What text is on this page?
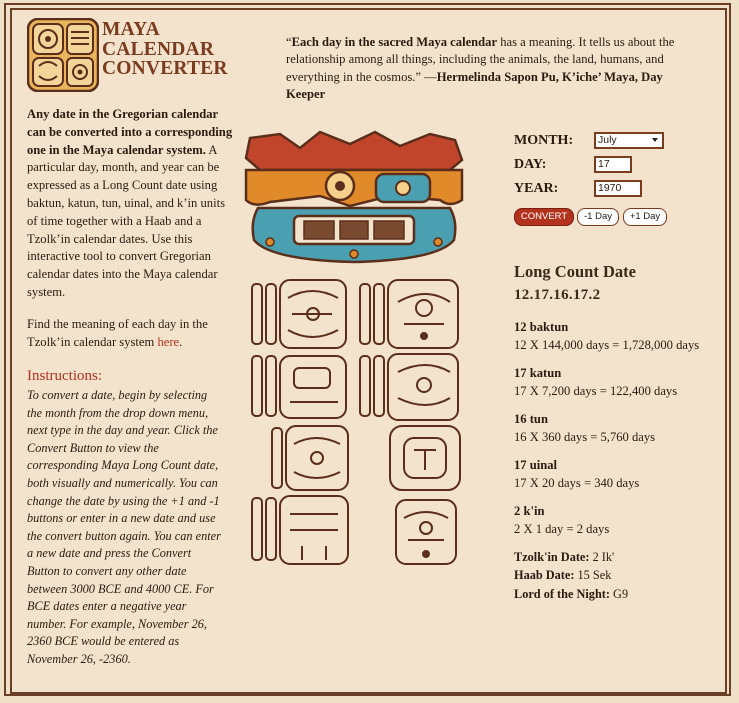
MAYA
CALENDAR
CONVERTER
“Each day in the sacred Maya calendar has a meaning. It tells us about the relationship among all things, including the animals, the land, humans, and everything in the cosmos.” —Hermelinda Sapon Pu, K’iche’ Maya, Day Keeper
Any date in the Gregorian calendar can be converted into a corresponding one in the Maya calendar system. A particular day, month, and year can be expressed as a Long Count date using baktun, katun, tun, uinal, and k’in units of time together with a Haab and a Tzolk’in calendar dates. Use this interactive tool to convert Gregorian calendar dates into the Maya calendar system.
Find the meaning of each day in the Tzolk’in calendar system here.
Instructions:
To convert a date, begin by selecting the month from the drop down menu, next type in the day and year. Click the Convert Button to view the corresponding Maya Long Count date, both visually and numerically. You can change the date by using the +1 and -1 buttons or enter in a new date and use the convert button again. You can enter a new date and press the Convert Button to convert any other date between 3000 BCE and 4000 CE. For BCE dates enter a negative year number. For example, November 26, 2360 BCE would be entered as November 26, -2360.
MONTH:	July
DAY:	17
YEAR:	1970
CONVERT	-1 Day	+1 Day
Long Count Date
12.17.16.17.2
12 baktun
12 X 144,000 days = 1,728,000 days
17 katun
17 X 7,200 days = 122,400 days
16 tun
16 X 360 days = 5,760 days
17 uinal
17 X 20 days = 340 days
2 k'in
2 X 1 day = 2 days
Tzolk'in Date: 2 Ik'
Haab Date: 15 Sek
Lord of the Night: G9
